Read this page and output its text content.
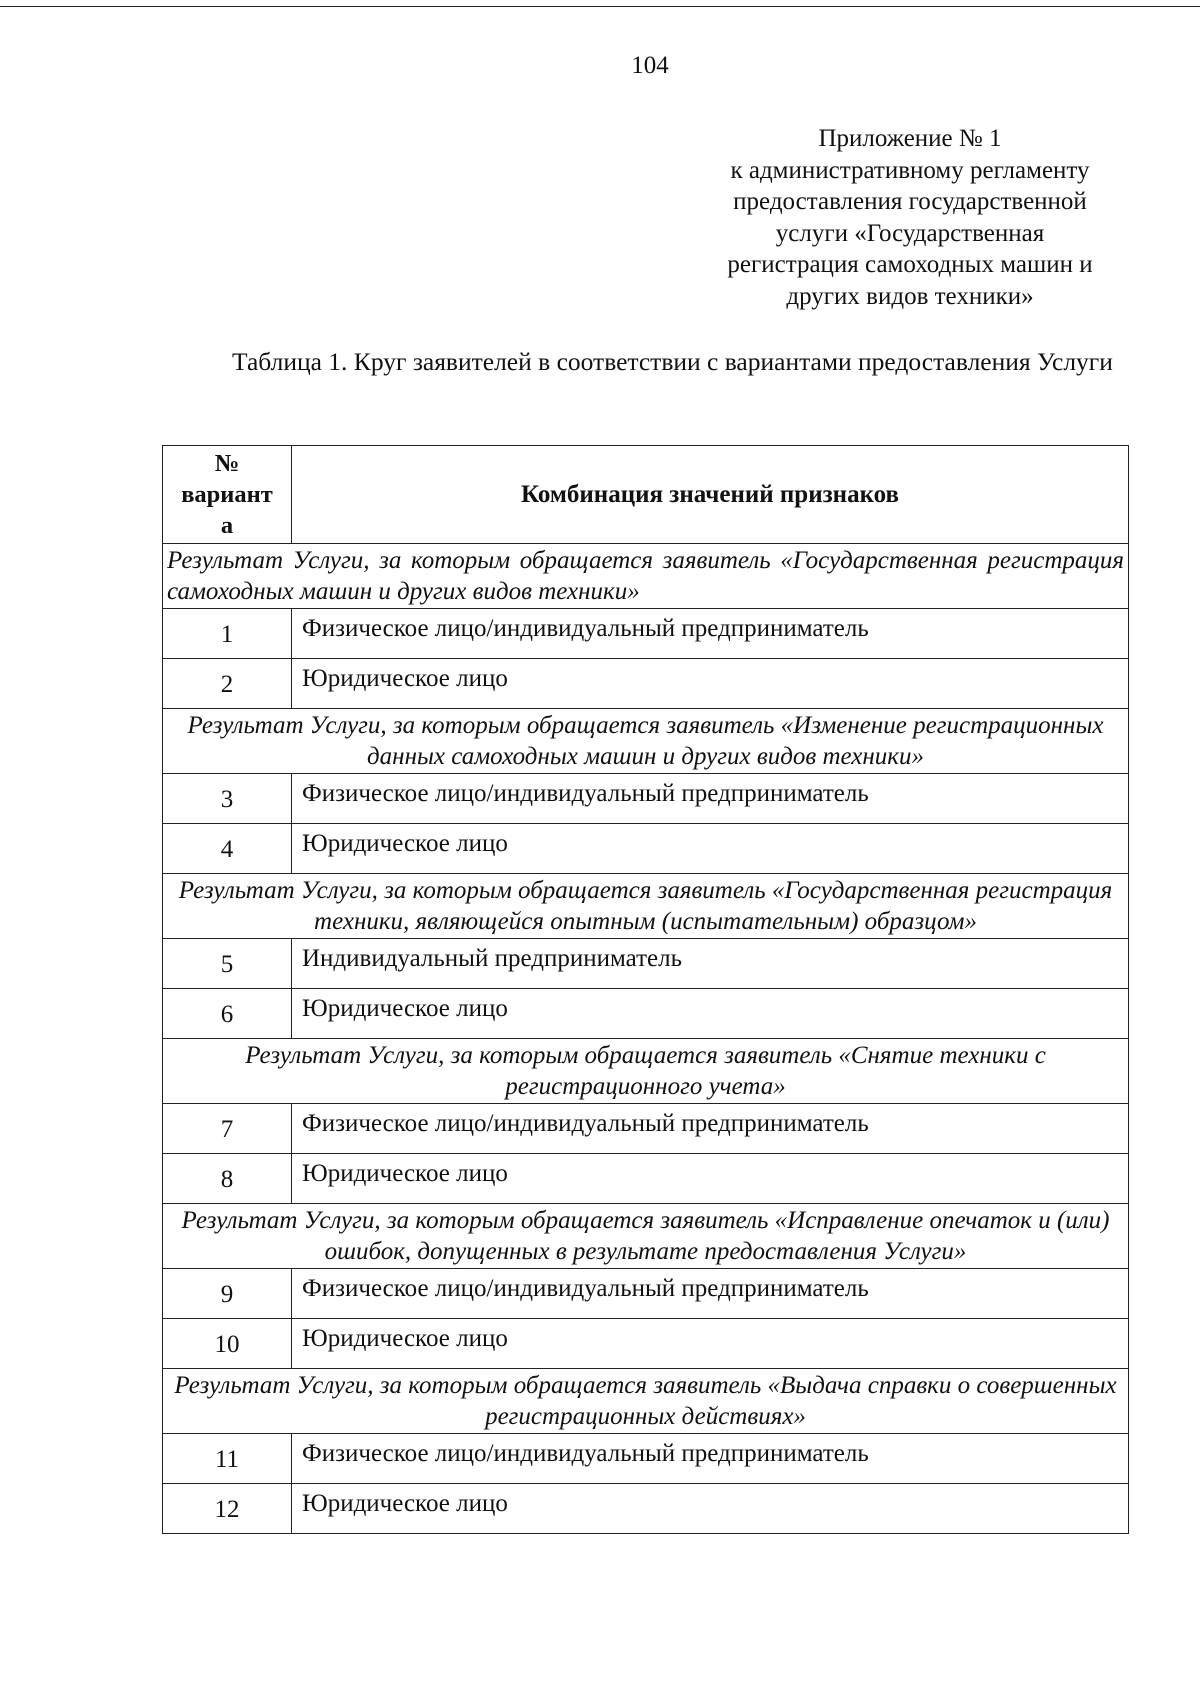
104
Приложение № 1
к административному регламенту
предоставления государственной
услуги «Государственная
регистрация самоходных машин и
других видов техники»
Таблица 1. Круг заявителей в соответствии с вариантами предоставления Услуги
№
вариант
а	Комбинация значений признаков
Результат Услуги, за которым обращается заявитель «Государственная регистрация самоходных машин и других видов техники»	
1	Физическое лицо/индивидуальный предприниматель
2	Юридическое лицо
Результат Услуги, за которым обращается заявитель «Изменение регистрационных данных самоходных машин и других видов техники»	
3	Физическое лицо/индивидуальный предприниматель
4	Юридическое лицо
Результат Услуги, за которым обращается заявитель «Государственная регистрация техники, являющейся опытным (испытательным) образцом»	
5	Индивидуальный предприниматель
6	Юридическое лицо
Результат Услуги, за которым обращается заявитель «Снятие техники с регистрационного учета»	
7	Физическое лицо/индивидуальный предприниматель
8	Юридическое лицо
Результат Услуги, за которым обращается заявитель «Исправление опечаток и (или) ошибок, допущенных в результате предоставления Услуги»	
9	Физическое лицо/индивидуальный предприниматель
10	Юридическое лицо
Результат Услуги, за которым обращается заявитель «Выдача справки о совершенных регистрационных действиях»	
11	Физическое лицо/индивидуальный предприниматель
12	Юридическое лицо
